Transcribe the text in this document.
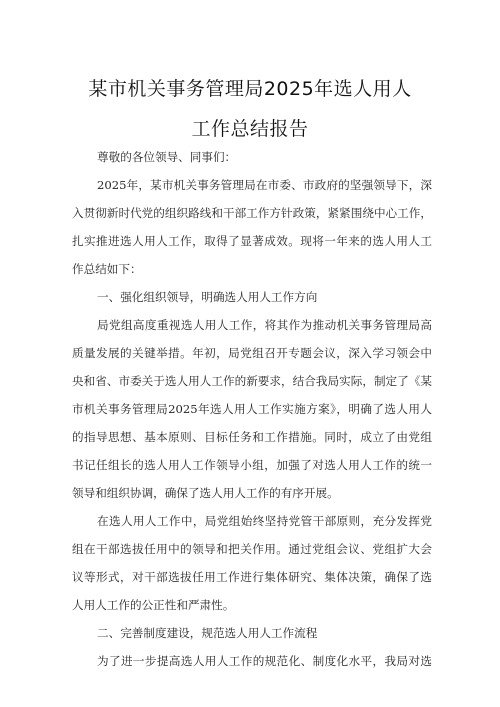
某市机关事务管理局2025年选人用人
工作总结报告
尊敬的各位领导、同事们：
2025年，某市机关事务管理局在市委、市政府的坚强领导下，深
入贯彻新时代党的组织路线和干部工作方针政策，紧紧围绕中心工作，
扎实推进选人用人工作，取得了显著成效。现将一年来的选人用人工
作总结如下：
一、强化组织领导，明确选人用人工作方向
局党组高度重视选人用人工作，将其作为推动机关事务管理局高
质量发展的关键举措。年初，局党组召开专题会议，深入学习领会中
央和省、市委关于选人用人工作的新要求，结合我局实际，制定了《某
市机关事务管理局2025年选人用人工作实施方案》，明确了选人用人
的指导思想、基本原则、目标任务和工作措施。同时，成立了由党组
书记任组长的选人用人工作领导小组，加强了对选人用人工作的统一
领导和组织协调，确保了选人用人工作的有序开展。
在选人用人工作中，局党组始终坚持党管干部原则，充分发挥党
组在干部选拔任用中的领导和把关作用。通过党组会议、党组扩大会
议等形式，对干部选拔任用工作进行集体研究、集体决策，确保了选
人用人工作的公正性和严肃性。
二、完善制度建设，规范选人用人工作流程
为了进一步提高选人用人工作的规范化、制度化水平，我局对选
